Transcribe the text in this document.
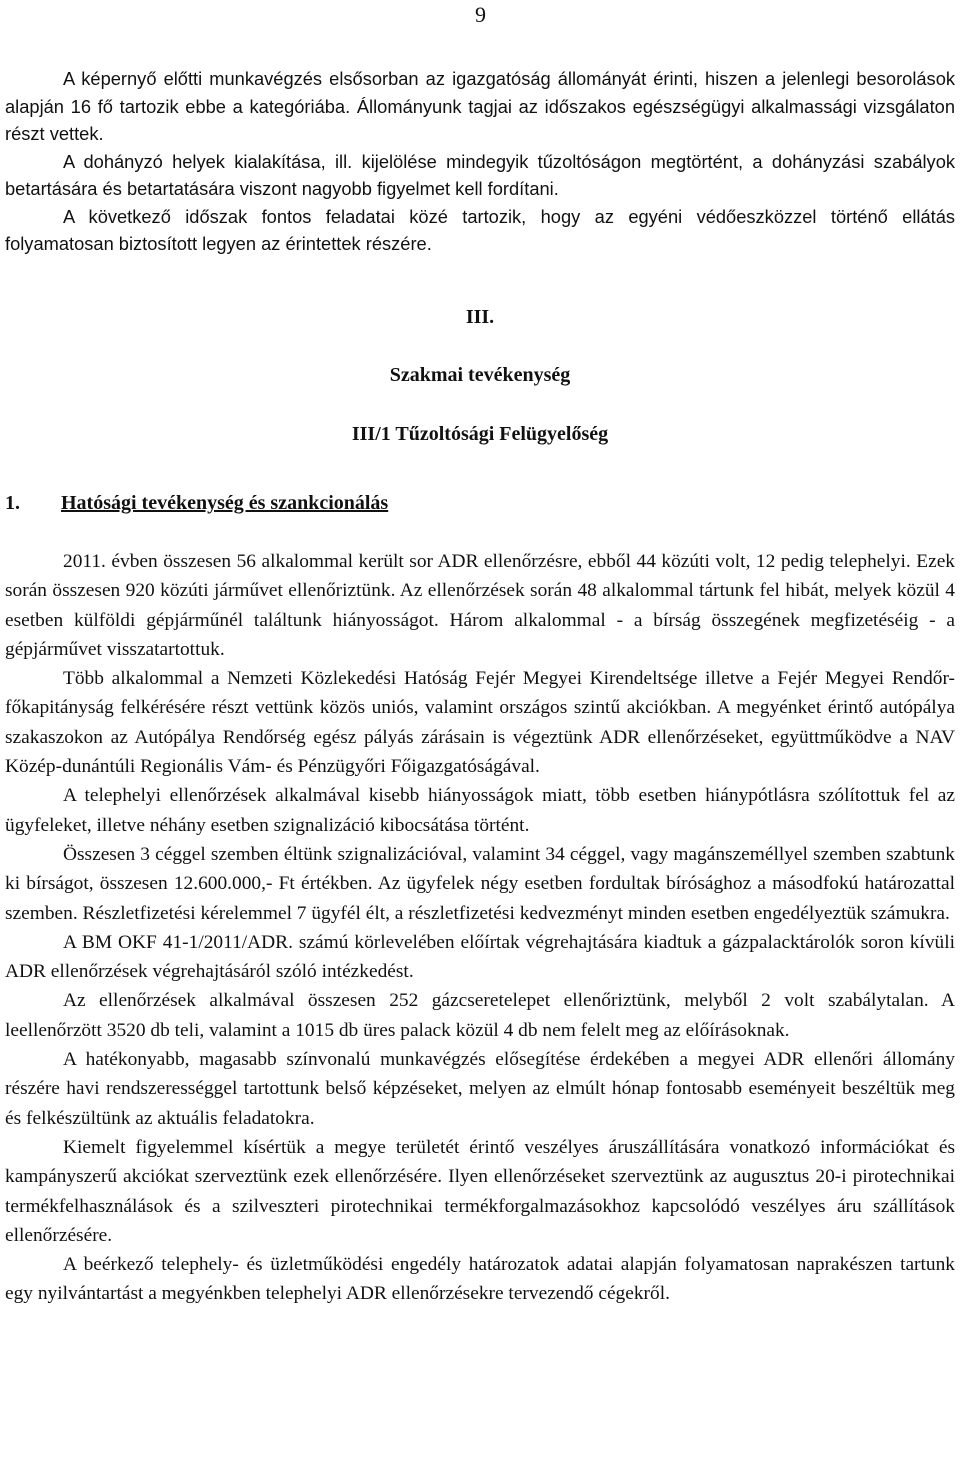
9

A képernyő előtti munkavégzés elsősorban az igazgatóság állományát érinti, hiszen a jelenlegi besorolások alapján 16 fő tartozik ebbe a kategóriába. Állományunk tagjai az időszakos egészségügyi alkalmassági vizsgálaton részt vettek.

A dohányzó helyek kialakítása, ill. kijelölése mindegyik tűzoltóságon megtörtént, a dohányzási szabályok betartására és betartatására viszont nagyobb figyelmet kell fordítani.

A következő időszak fontos feladatai közé tartozik, hogy az egyéni védőeszközzel történő ellátás folyamatosan biztosított legyen az érintettek részére.

III.
Szakmai tevékenység
III/1 Tűzoltósági Felügyelőség
1. Hatósági tevékenység és szankcionálás

2011. évben összesen 56 alkalommal került sor ADR ellenőrzésre, ebből 44 közúti volt, 12 pedig telephelyi. Ezek során összesen 920 közúti járművet ellenőriztünk. Az ellenőrzések során 48 alkalommal tártunk fel hibát, melyek közül 4 esetben külföldi gépjárműnél találtunk hiányosságot. Három alkalommal - a bírság összegének megfizetéséig - a gépjárművet visszatartottuk.

Több alkalommal a Nemzeti Közlekedési Hatóság Fejér Megyei Kirendeltsége illetve a Fejér Megyei Rendőr-főkapitányság felkérésére részt vettünk közös uniós, valamint országos szintű akciókban. A megyénket érintő autópálya szakaszokon az Autópálya Rendőrség egész pályás zárásain is végeztünk ADR ellenőrzéseket, együttműködve a NAV Közép-dunántúli Regionális Vám- és Pénzügyőri Főigazgatóságával.

A telephelyi ellenőrzések alkalmával kisebb hiányosságok miatt, több esetben hiánypótlásra szólítottuk fel az ügyfeleket, illetve néhány esetben szignalizáció kibocsátása történt.

Összesen 3 céggel szemben éltünk szignalizációval, valamint 34 céggel, vagy magánszeméllyel szemben szabtunk ki bírságot, összesen 12.600.000,- Ft értékben. Az ügyfelek négy esetben fordultak bírósághoz a másodfokú határozattal szemben. Részletfizetési kérelemmel 7 ügyfél élt, a részletfizetési kedvezményt minden esetben engedélyeztük számukra.

A BM OKF 41-1/2011/ADR. számú körlevelében előírtak végrehajtására kiadtuk a gázpalacktárolók soron kívüli ADR ellenőrzések végrehajtásáról szóló intézkedést.

Az ellenőrzések alkalmával összesen 252 gázcseretelepet ellenőriztünk, melyből 2 volt szabálytalan. A leellenőrzött 3520 db teli, valamint a 1015 db üres palack közül 4 db nem felelt meg az előírásoknak.

A hatékonyabb, magasabb színvonalú munkavégzés elősegítése érdekében a megyei ADR ellenőri állomány részére havi rendszerességgel tartottunk belső képzéseket, melyen az elmúlt hónap fontosabb eseményeit beszéltük meg és felkészültünk az aktuális feladatokra.

Kiemelt figyelemmel kísértük a megye területét érintő veszélyes áruszállítására vonatkozó információkat és kampányszerű akciókat szerveztünk ezek ellenőrzésére. Ilyen ellenőrzéseket szerveztünk az augusztus 20-i pirotechnikai termékfelhasználások és a szilveszteri pirotechnikai termékforgalmazásokhoz kapcsolódó veszélyes áru szállítások ellenőrzésére.

A beérkező telephely- és üzletműködési engedély határozatok adatai alapján folyamatosan naprakészen tartunk egy nyilvántartást a megyénkben telephelyi ADR ellenőrzésekre tervezendő cégekről.
